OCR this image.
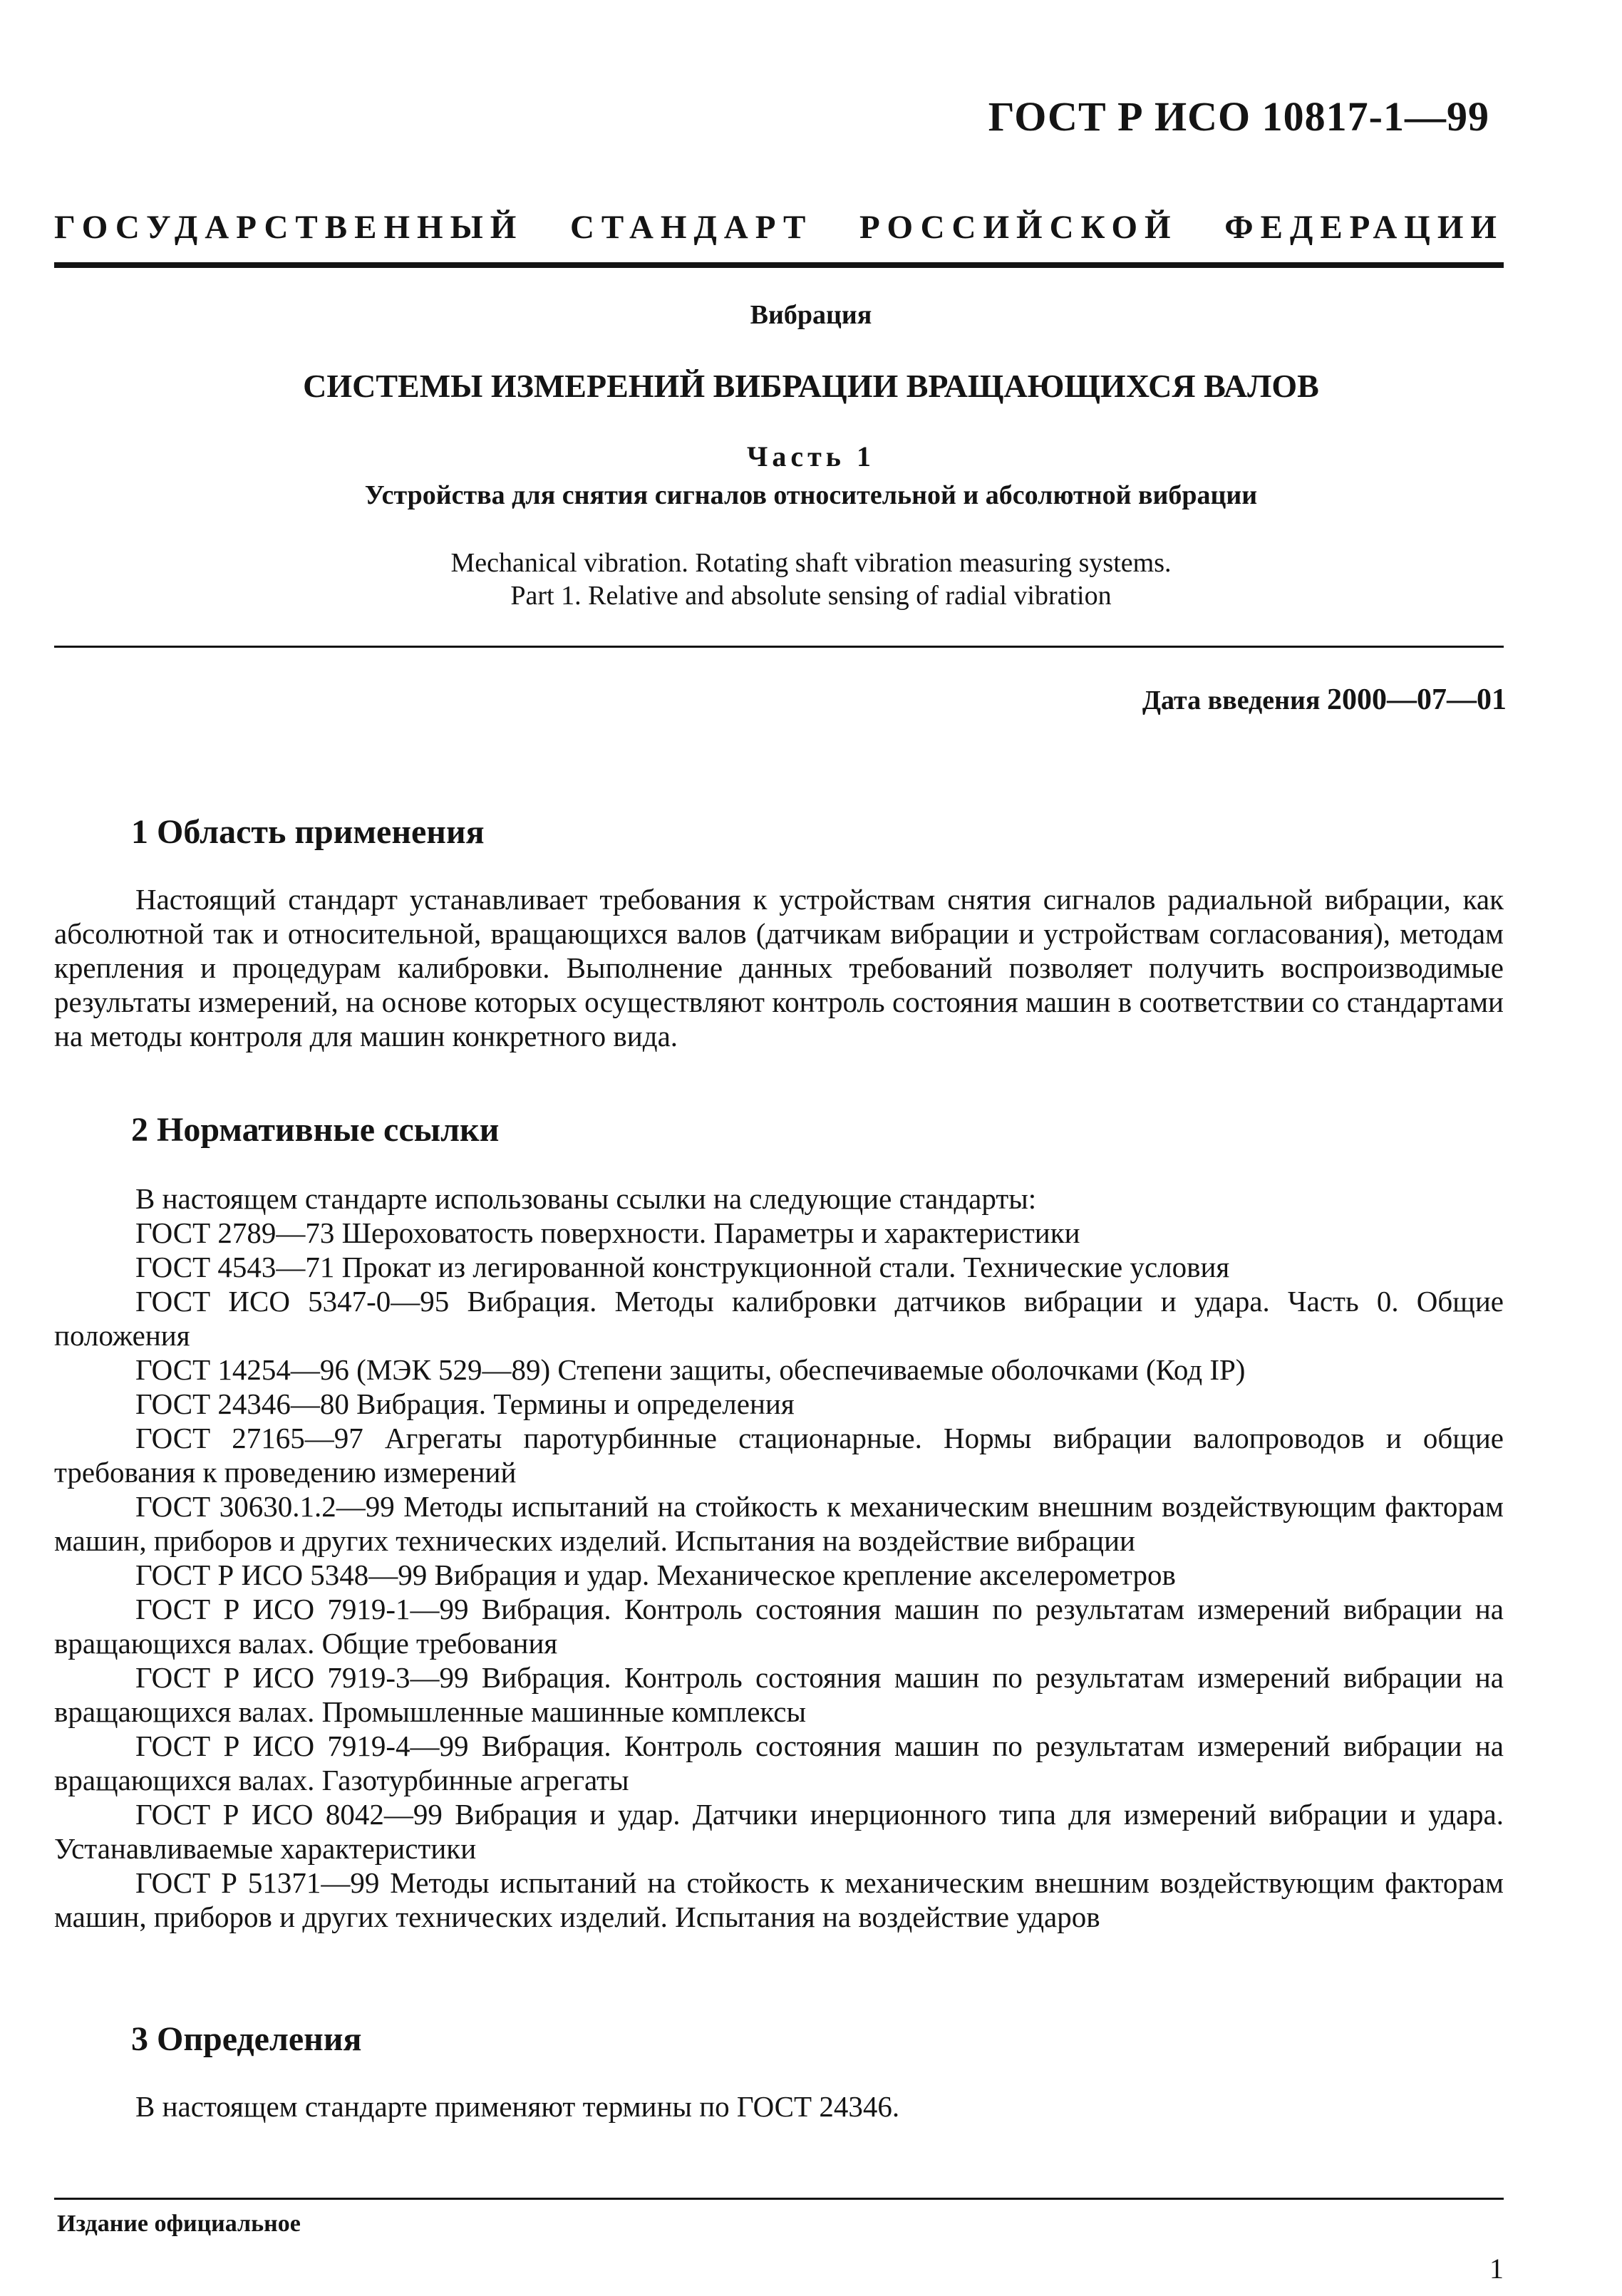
ГОСТ Р ИСО 10817-1—99
ГОСУДАРСТВЕННЫЙ СТАНДАРТ РОССИЙСКОЙ ФЕДЕРАЦИИ
Вибрация
СИСТЕМЫ ИЗМЕРЕНИЙ ВИБРАЦИИ ВРАЩАЮЩИХСЯ ВАЛОВ
Часть 1
Устройства для снятия сигналов относительной и абсолютной вибрации
Mechanical vibration. Rotating shaft vibration measuring systems.
Part 1. Relative and absolute sensing of radial vibration
Дата введения 2000—07—01
1 Область применения
Настоящий стандарт устанавливает требования к устройствам снятия сигналов радиальной вибрации, как абсолютной так и относительной, вращающихся валов (датчикам вибрации и устройствам согласования), методам крепления и процедурам калибровки. Выполнение данных требований позволяет получить воспроизводимые результаты измерений, на основе которых осуществляют контроль состояния машин в соответствии со стандартами на методы контроля для машин конкретного вида.
2 Нормативные ссылки

В настоящем стандарте использованы ссылки на следующие стандарты:

ГОСТ 2789—73 Шероховатость поверхности. Параметры и характеристики

ГОСТ 4543—71 Прокат из легированной конструкционной стали. Технические условия

ГОСТ ИСО 5347-0—95 Вибрация. Методы калибровки датчиков вибрации и удара. Часть 0. Общие положения

ГОСТ 14254—96 (МЭК 529—89) Степени защиты, обеспечиваемые оболочками (Код IP)

ГОСТ 24346—80 Вибрация. Термины и определения

ГОСТ 27165—97 Агрегаты паротурбинные стационарные. Нормы вибрации валопроводов и общие требования к проведению измерений

ГОСТ 30630.1.2—99 Методы испытаний на стойкость к механическим внешним воздействующим факторам машин, приборов и других технических изделий. Испытания на воздействие вибрации

ГОСТ Р ИСО 5348—99 Вибрация и удар. Механическое крепление акселерометров

ГОСТ Р ИСО 7919-1—99 Вибрация. Контроль состояния машин по результатам измерений вибрации на вращающихся валах. Общие требования

ГОСТ Р ИСО 7919-3—99 Вибрация. Контроль состояния машин по результатам измерений вибрации на вращающихся валах. Промышленные машинные комплексы

ГОСТ Р ИСО 7919-4—99 Вибрация. Контроль состояния машин по результатам измерений вибрации на вращающихся валах. Газотурбинные агрегаты

ГОСТ Р ИСО 8042—99 Вибрация и удар. Датчики инерционного типа для измерений вибрации и удара. Устанавливаемые характеристики

ГОСТ Р 51371—99 Методы испытаний на стойкость к механическим внешним воздействующим факторам машин, приборов и других технических изделий. Испытания на воздействие ударов

3 Определения
В настоящем стандарте применяют термины по ГОСТ 24346.
Издание официальное
1
